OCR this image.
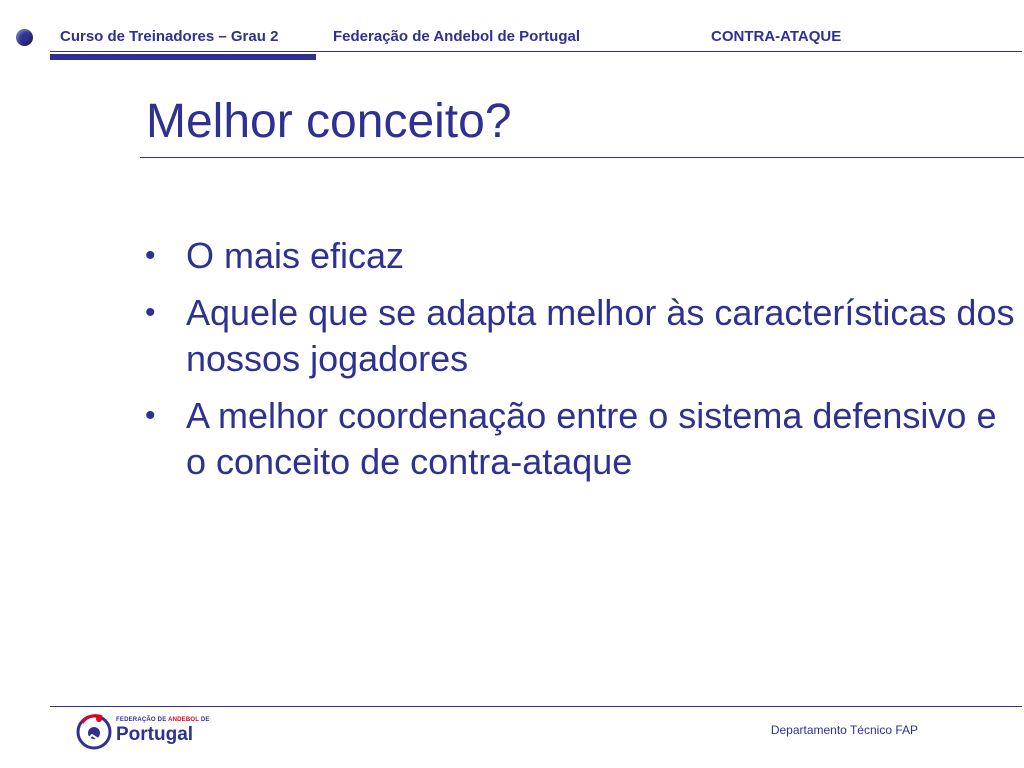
Curso de Treinadores – Grau 2	Federação de Andebol de Portugal	CONTRA-ATAQUE
Melhor conceito?
• O mais eficaz
• Aquele que se adapta melhor às características dos nossos jogadores
• A melhor coordenação entre o sistema defensivo e o conceito de contra-ataque
FEDERAÇÃO DE ANDEBOL DE
Portugal	Departamento Técnico FAP
